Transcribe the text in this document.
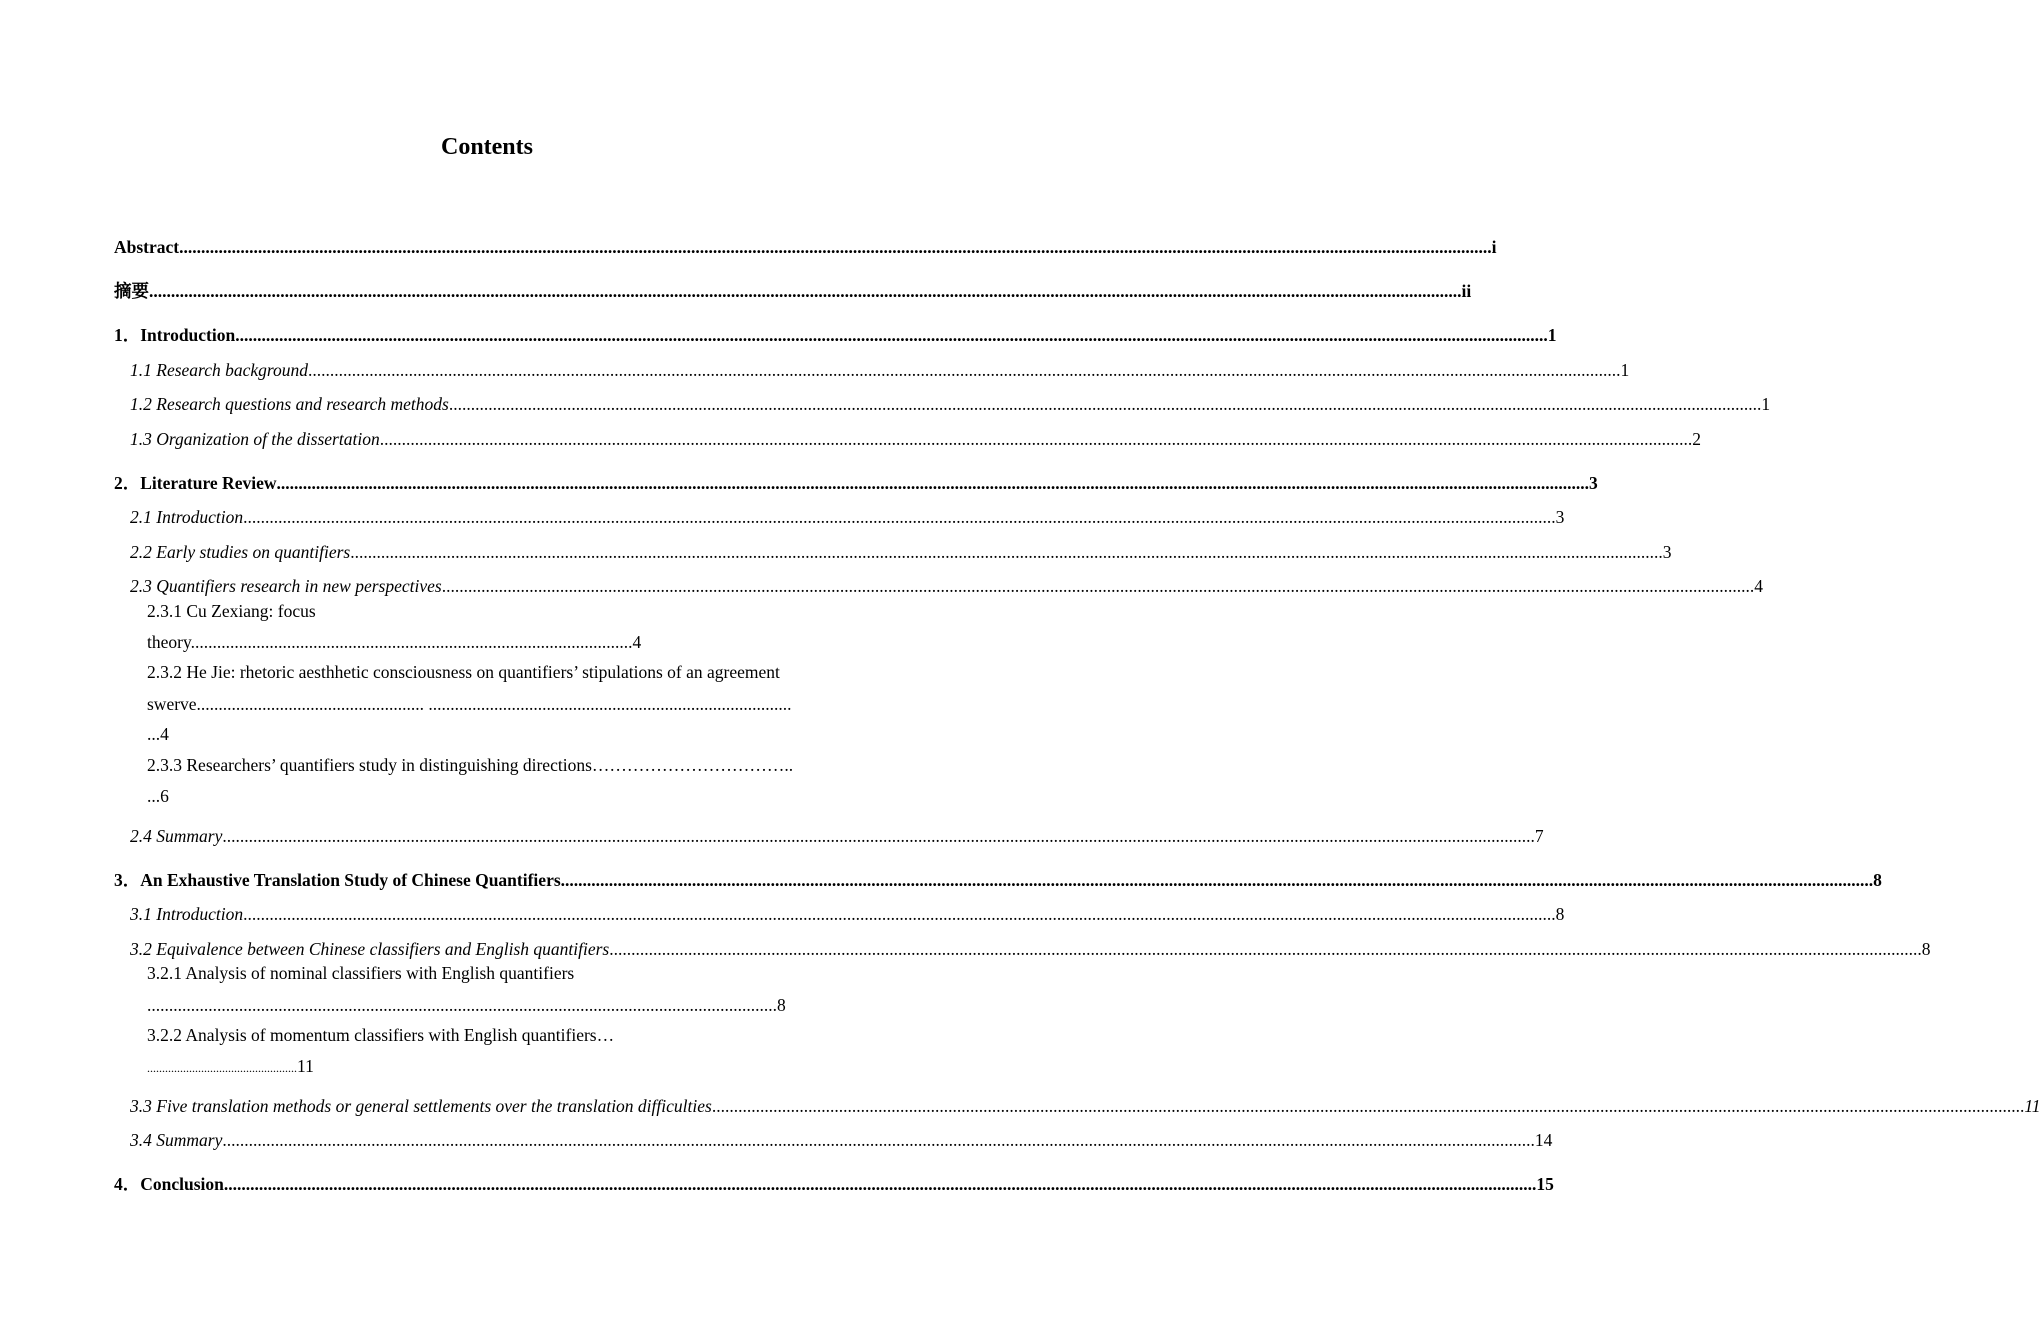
Contents
Abstract ............................................................................................................................................................................................................................................................................................................ i
摘要 ............................................................................................................................................................................................................................................................................................................ ii
1．Introduction ............................................................................................................................................................................................................................................................................................................ 1
1.1 Research background ............................................................................................................................................................................................................................................................................................................ 1
1.2 Research questions and research methods ............................................................................................................................................................................................................................................................................................................ 1
1.3 Organization of the dissertation ............................................................................................................................................................................................................................................................................................................ 2
2．Literature Review ............................................................................................................................................................................................................................................................................................................ 3
2.1 Introduction ............................................................................................................................................................................................................................................................................................................ 3
2.2 Early studies on quantifiers ............................................................................................................................................................................................................................................................................................................ 3
2.3 Quantifiers research in new perspectives ............................................................................................................................................................................................................................................................................................................ 4
2.3.1 Cu Zexiang: focus
theory.....................................................................................................4
2.3.2 He Jie: rhetoric aesthhetic consciousness on quantifiers’ stipulations of an agreement
swerve.................................................... ...................................................................................
...4
2.3.3 Researchers’ quantifiers study in distinguishing directions……………………………..
...6
2.4 Summary ............................................................................................................................................................................................................................................................................................................ 7
3．An Exhaustive Translation Study of Chinese Quantifiers ............................................................................................................................................................................................................................................................................................................ 8
3.1 Introduction ............................................................................................................................................................................................................................................................................................................ 8
3.2 Equivalence between Chinese classifiers and English quantifiers ............................................................................................................................................................................................................................................................................................................ 8
3.2.1 Analysis of nominal classifiers with English quantifiers
................................................................................................................................................8
3.2.2 Analysis of momentum classifiers with English quantifiers…
..................................................11
3.3 Five translation methods or general settlements over the translation difficulties ............................................................................................................................................................................................................................................................................................................ 11
3.4 Summary ............................................................................................................................................................................................................................................................................................................ 14
4．Conclusion ............................................................................................................................................................................................................................................................................................................ 15
